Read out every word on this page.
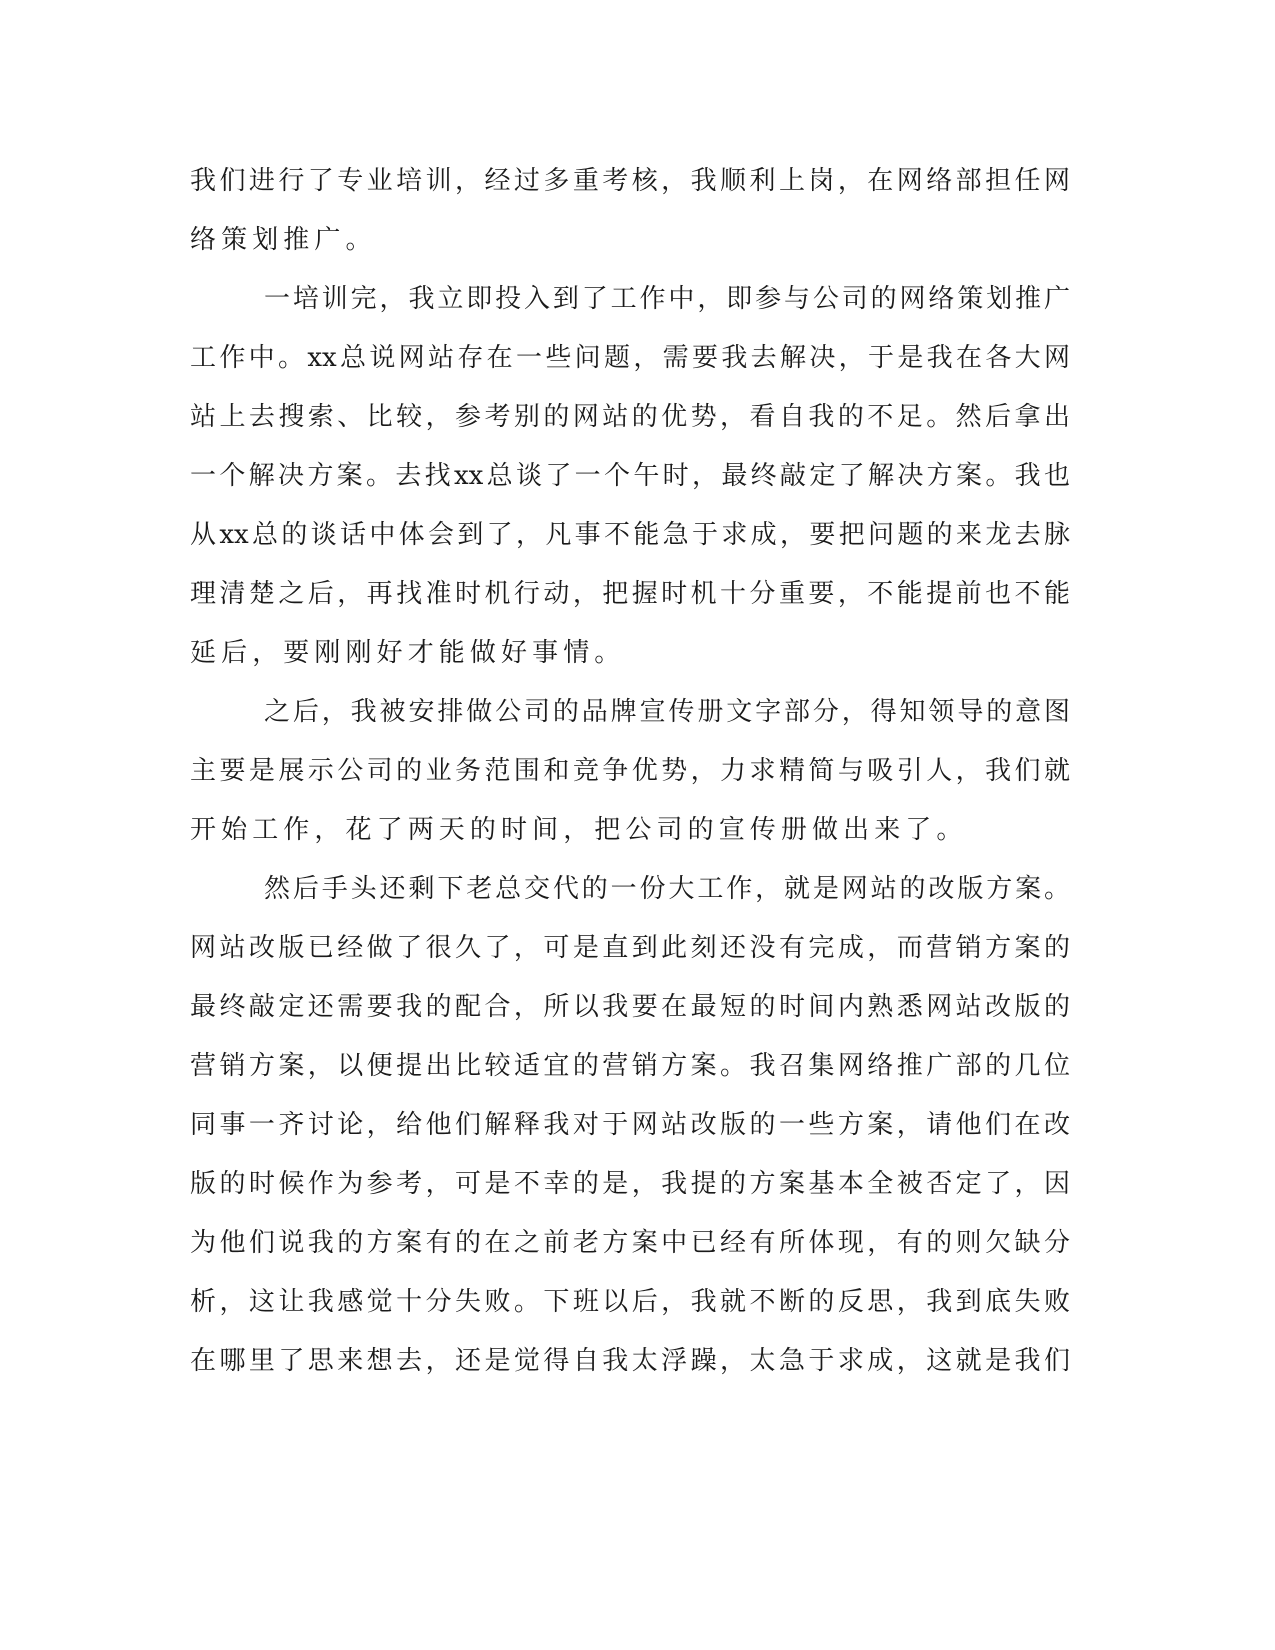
我们进行了专业培训，经过多重考核，我顺利上岗，在网络部担任网
络策划推广。
一培训完，我立即投入到了工作中，即参与公司的网络策划推广
工作中。xx总说网站存在一些问题，需要我去解决，于是我在各大网
站上去搜索、比较，参考别的网站的优势，看自我的不足。然后拿出
一个解决方案。去找xx总谈了一个午时，最终敲定了解决方案。我也
从xx总的谈话中体会到了，凡事不能急于求成，要把问题的来龙去脉
理清楚之后，再找准时机行动，把握时机十分重要，不能提前也不能
延后，要刚刚好才能做好事情。
之后，我被安排做公司的品牌宣传册文字部分，得知领导的意图
主要是展示公司的业务范围和竞争优势，力求精简与吸引人，我们就
开始工作，花了两天的时间，把公司的宣传册做出来了。
然后手头还剩下老总交代的一份大工作，就是网站的改版方案。
网站改版已经做了很久了，可是直到此刻还没有完成，而营销方案的
最终敲定还需要我的配合，所以我要在最短的时间内熟悉网站改版的
营销方案，以便提出比较适宜的营销方案。我召集网络推广部的几位
同事一齐讨论，给他们解释我对于网站改版的一些方案，请他们在改
版的时候作为参考，可是不幸的是，我提的方案基本全被否定了，因
为他们说我的方案有的在之前老方案中已经有所体现，有的则欠缺分
析，这让我感觉十分失败。下班以后，我就不断的反思，我到底失败
在哪里了思来想去，还是觉得自我太浮躁，太急于求成，这就是我们
